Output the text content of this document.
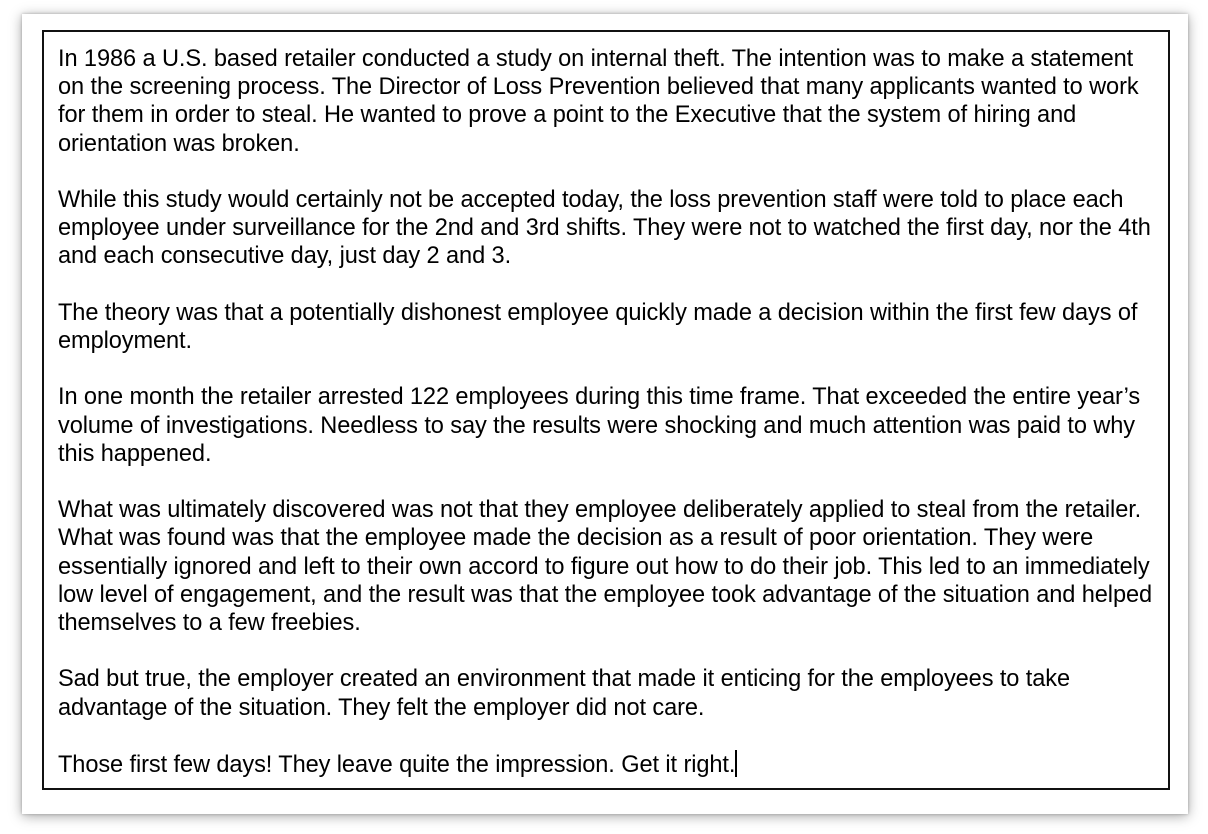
In 1986 a U.S. based retailer conducted a study on internal theft. The intention was to make a statement on the screening process. The Director of Loss Prevention believed that many applicants wanted to work for them in order to steal. He wanted to prove a point to the Executive that the system of hiring and orientation was broken.

While this study would certainly not be accepted today, the loss prevention staff were told to place each employee under surveillance for the 2nd and 3rd shifts. They were not to watched the first day, nor the 4th and each consecutive day, just day 2 and 3.

The theory was that a potentially dishonest employee quickly made a decision within the first few days of employment.

In one month the retailer arrested 122 employees during this time frame. That exceeded the entire year’s volume of investigations. Needless to say the results were shocking and much attention was paid to why this happened.

What was ultimately discovered was not that they employee deliberately applied to steal from the retailer. What was found was that the employee made the decision as a result of poor orientation. They were essentially ignored and left to their own accord to figure out how to do their job. This led to an immediately low level of engagement, and the result was that the employee took advantage of the situation and helped themselves to a few freebies.

Sad but true, the employer created an environment that made it enticing for the employees to take advantage of the situation. They felt the employer did not care.

Those first few days! They leave quite the impression. Get it right.
